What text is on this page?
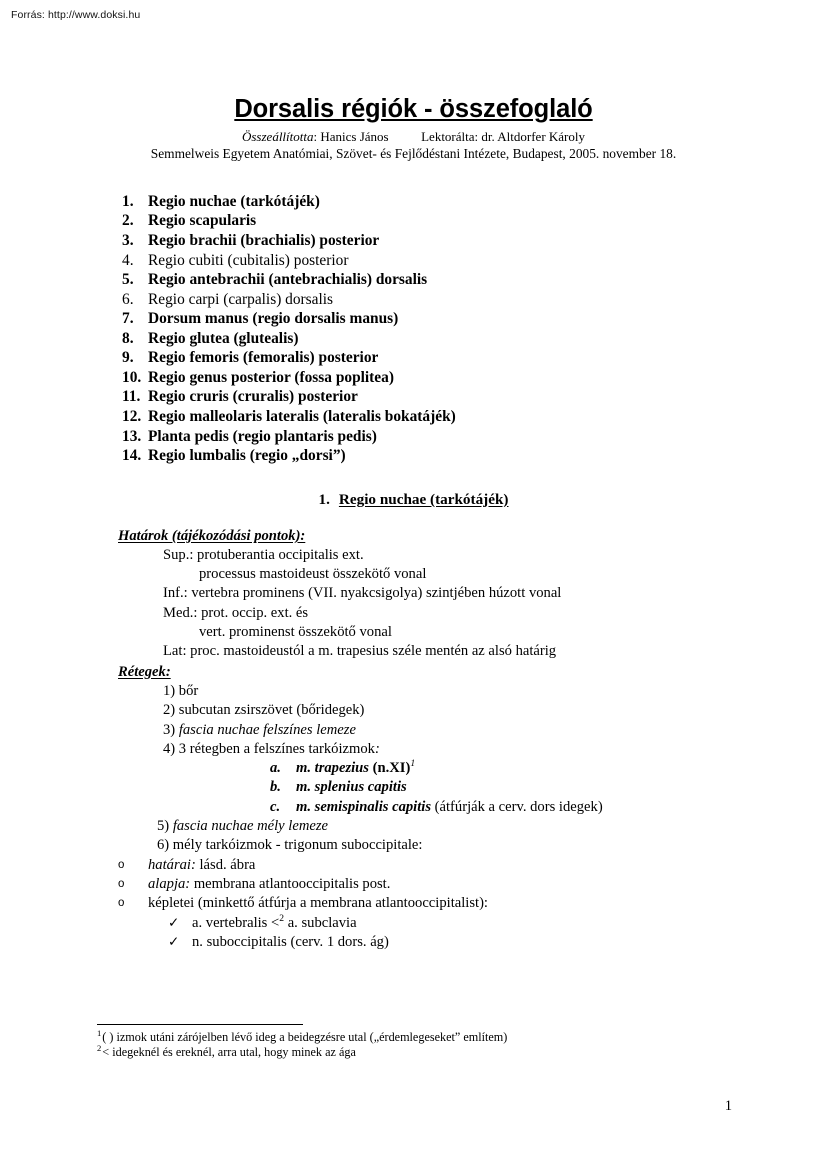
Forrás: http://www.doksi.hu
Dorsalis régiók - összefoglaló
Összeállította: Hanics János	Lektorálta: dr. Altdorfer Károly
Semmelweis Egyetem Anatómiai, Szövet- és Fejlődéstani Intézete, Budapest, 2005. november 18.
1. Regio nuchae (tarkótájék)
2. Regio scapularis
3. Regio brachii (brachialis) posterior
4. Regio cubiti (cubitalis) posterior
5. Regio antebrachii (antebrachialis) dorsalis
6. Regio carpi (carpalis) dorsalis
7. Dorsum manus (regio dorsalis manus)
8. Regio glutea (glutealis)
9. Regio femoris (femoralis) posterior
10. Regio genus posterior (fossa poplitea)
11. Regio cruris (cruralis) posterior
12. Regio malleolaris lateralis (lateralis bokatájék)
13. Planta pedis (regio plantaris pedis)
14. Regio lumbalis (regio „dorsi”)
1. Regio nuchae (tarkótájék)
Határok (tájékozódási pontok):
Sup.: protuberantia occipitalis ext.
processus mastoideust összekötő vonal
Inf.: vertebra prominens (VII. nyakcsigolya) szintjében húzott vonal
Med.: prot. occip. ext. és
vert. prominenst összekötő vonal
Lat: proc. mastoideustól a m. trapesius széle mentén az alsó határig
Rétegek:
1) bőr
2) subcutan zsirszövet (bőridegek)
3) fascia nuchae felszínes lemeze
4) 3 rétegben a felszínes tarkóizmok:
a. m. trapezius (n.XI)$^1$
b. m. splenius capitis
c. m. semispinalis capitis (átfúrják a cerv. dors idegek)
5) fascia nuchae mély lemeze
6) mély tarkóizmok - trigonum suboccipitale:
o határai: lásd. ábra
o alapja: membrana atlantooccipitalis post.
o képletei (minkettő átfúrja a membrana atlantooccipitalist):
✓ a. vertebralis <$^2$ a. subclavia
✓ n. suboccipitalis (cerv. 1 dors. ág)
$^1$( ) izmok utáni zárójelben lévő ideg a beidegzésre utal („érdemlegeseket” említem)
$^2$< idegeknél és ereknél, arra utal, hogy minek az ága
1
